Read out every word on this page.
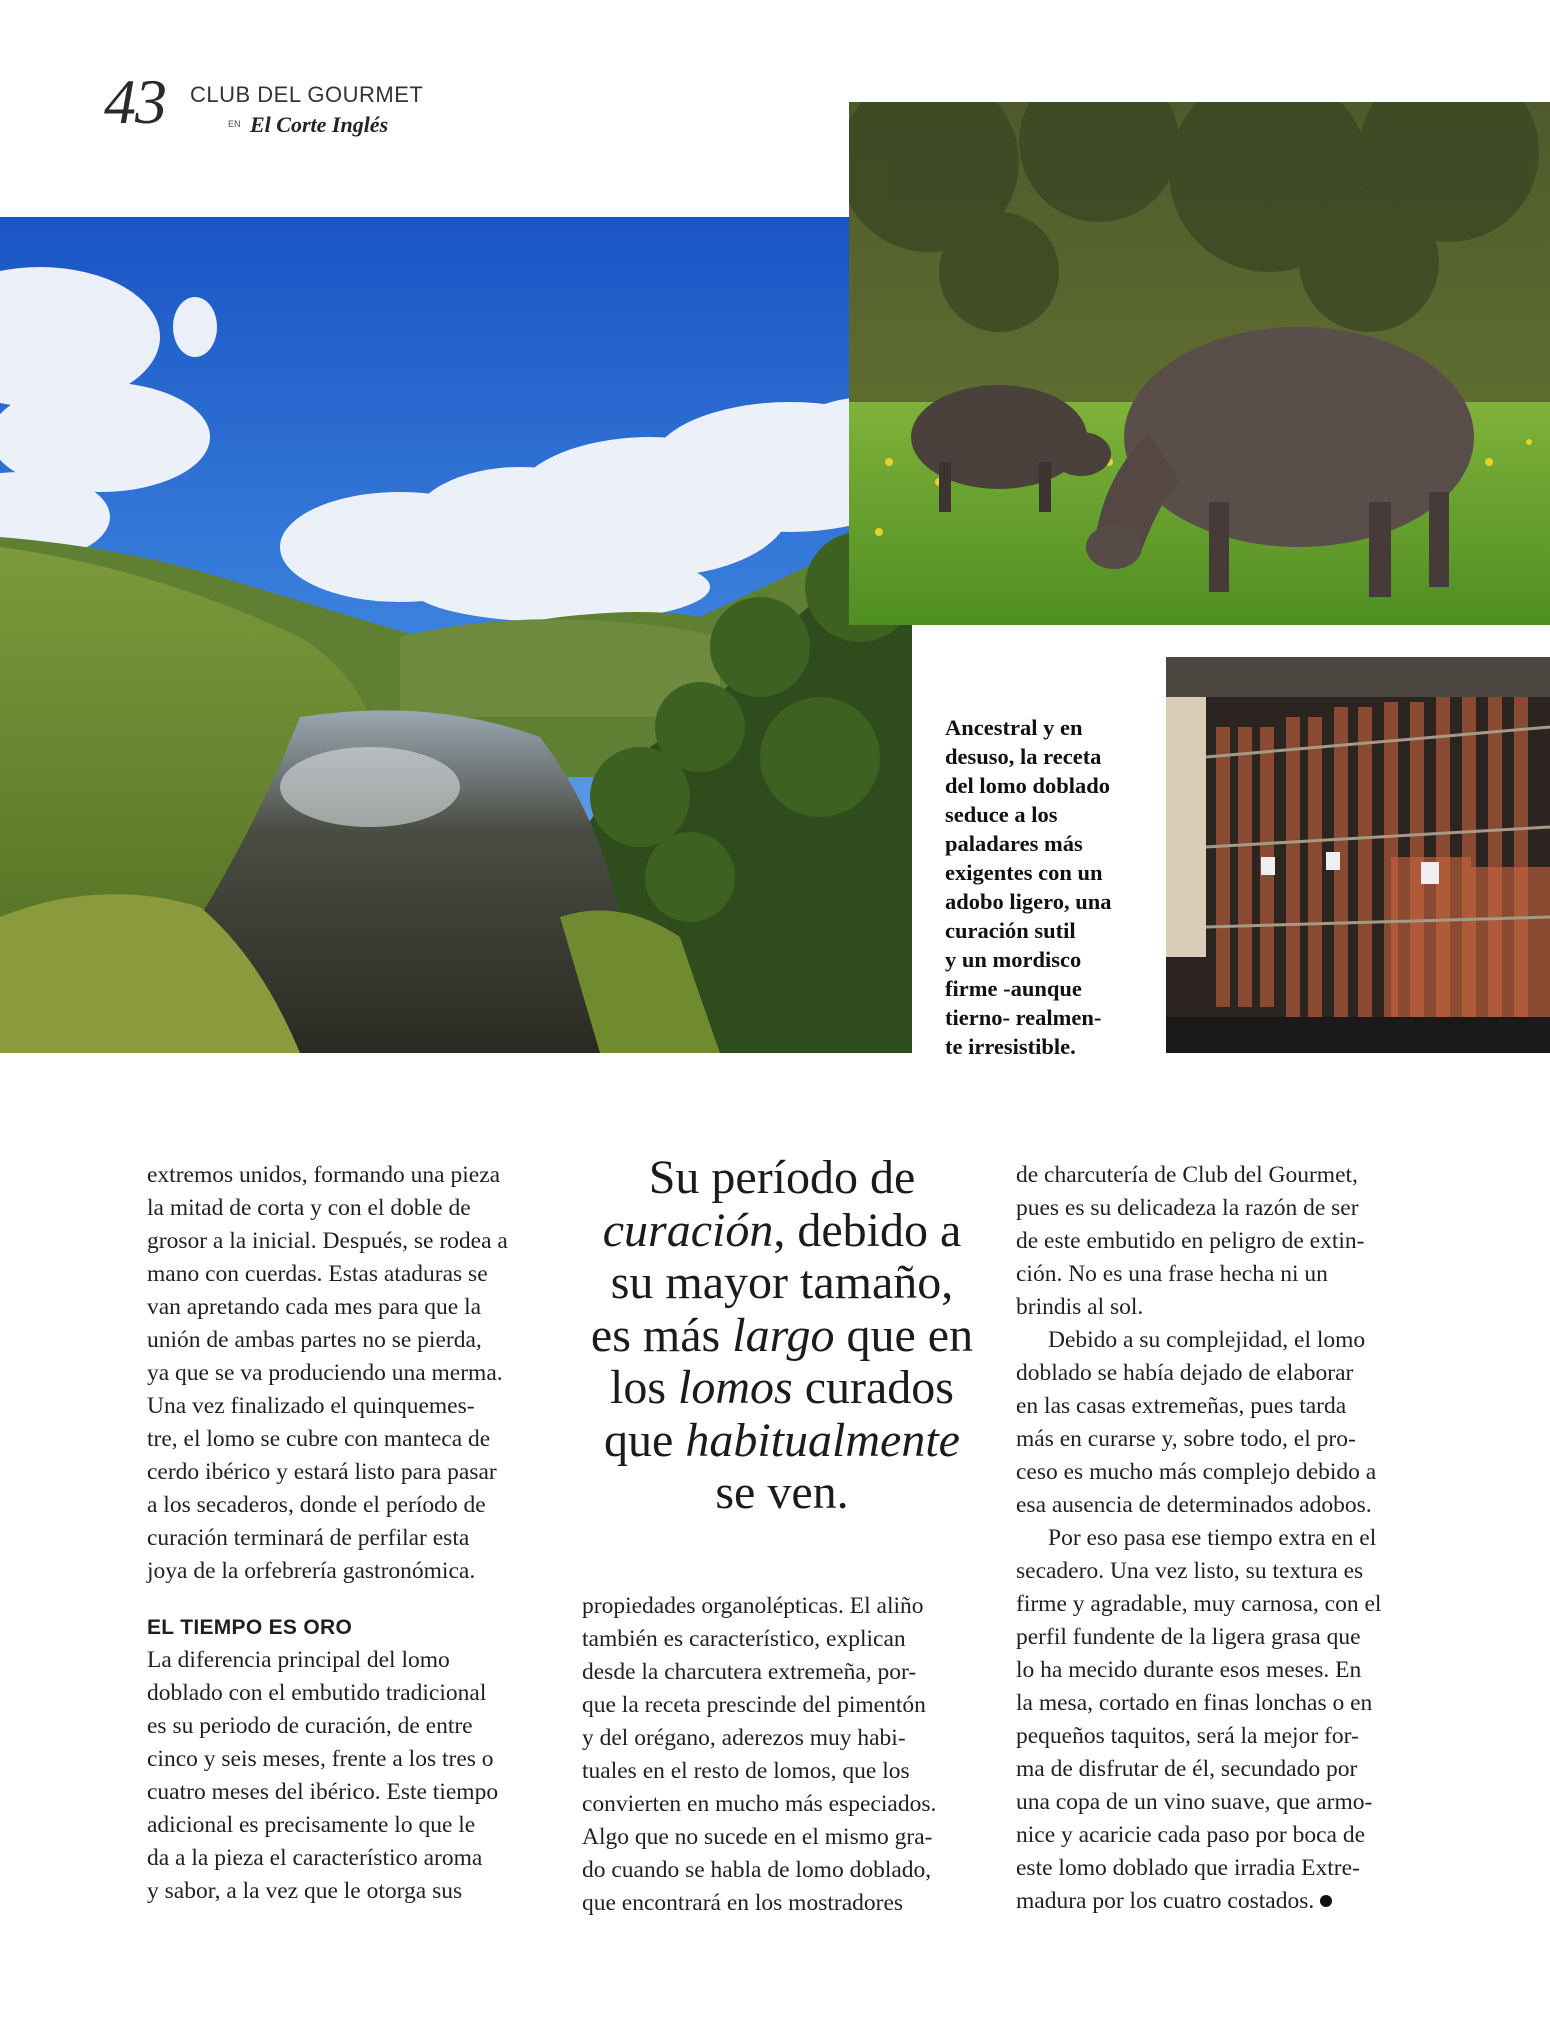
43 CLUB DEL GOURMET
EN El Corte Inglés
Ancestral y en
desuso, la receta
del lomo doblado
seduce a los
paladares más
exigentes con un
adobo ligero, una
curación sutil
y un mordisco
firme -aunque
tierno- realmen-
te irresistible.
extremos unidos, formando una pieza
la mitad de corta y con el doble de
grosor a la inicial. Después, se rodea a
mano con cuerdas. Estas ataduras se
van apretando cada mes para que la
unión de ambas partes no se pierda,
ya que se va produciendo una merma.
Una vez finalizado el quinquemes-
tre, el lomo se cubre con manteca de
cerdo ibérico y estará listo para pasar
a los secaderos, donde el período de
curación terminará de perfilar esta
joya de la orfebrería gastronómica.
EL TIEMPO ES ORO
La diferencia principal del lomo
doblado con el embutido tradicional
es su periodo de curación, de entre
cinco y seis meses, frente a los tres o
cuatro meses del ibérico. Este tiempo
adicional es precisamente lo que le
da a la pieza el característico aroma
y sabor, a la vez que le otorga sus
Su período de
curación, debido a
su mayor tamaño,
es más largo que en
los lomos curados
que habitualmente
se ven.
propiedades organolépticas. El aliño
también es característico, explican
desde la charcutera extremeña, por-
que la receta prescinde del pimentón
y del orégano, aderezos muy habi-
tuales en el resto de lomos, que los
convierten en mucho más especiados.
Algo que no sucede en el mismo gra-
do cuando se habla de lomo doblado,
que encontrará en los mostradores
de charcutería de Club del Gourmet,
pues es su delicadeza la razón de ser
de este embutido en peligro de extin-
ción. No es una frase hecha ni un
brindis al sol.
Debido a su complejidad, el lomo
doblado se había dejado de elaborar
en las casas extremeñas, pues tarda
más en curarse y, sobre todo, el pro-
ceso es mucho más complejo debido a
esa ausencia de determinados adobos.
Por eso pasa ese tiempo extra en el
secadero. Una vez listo, su textura es
firme y agradable, muy carnosa, con el
perfil fundente de la ligera grasa que
lo ha mecido durante esos meses. En
la mesa, cortado en finas lonchas o en
pequeños taquitos, será la mejor for-
ma de disfrutar de él, secundado por
una copa de un vino suave, que armo-
nice y acaricie cada paso por boca de
este lomo doblado que irradia Extre-
madura por los cuatro costados.
